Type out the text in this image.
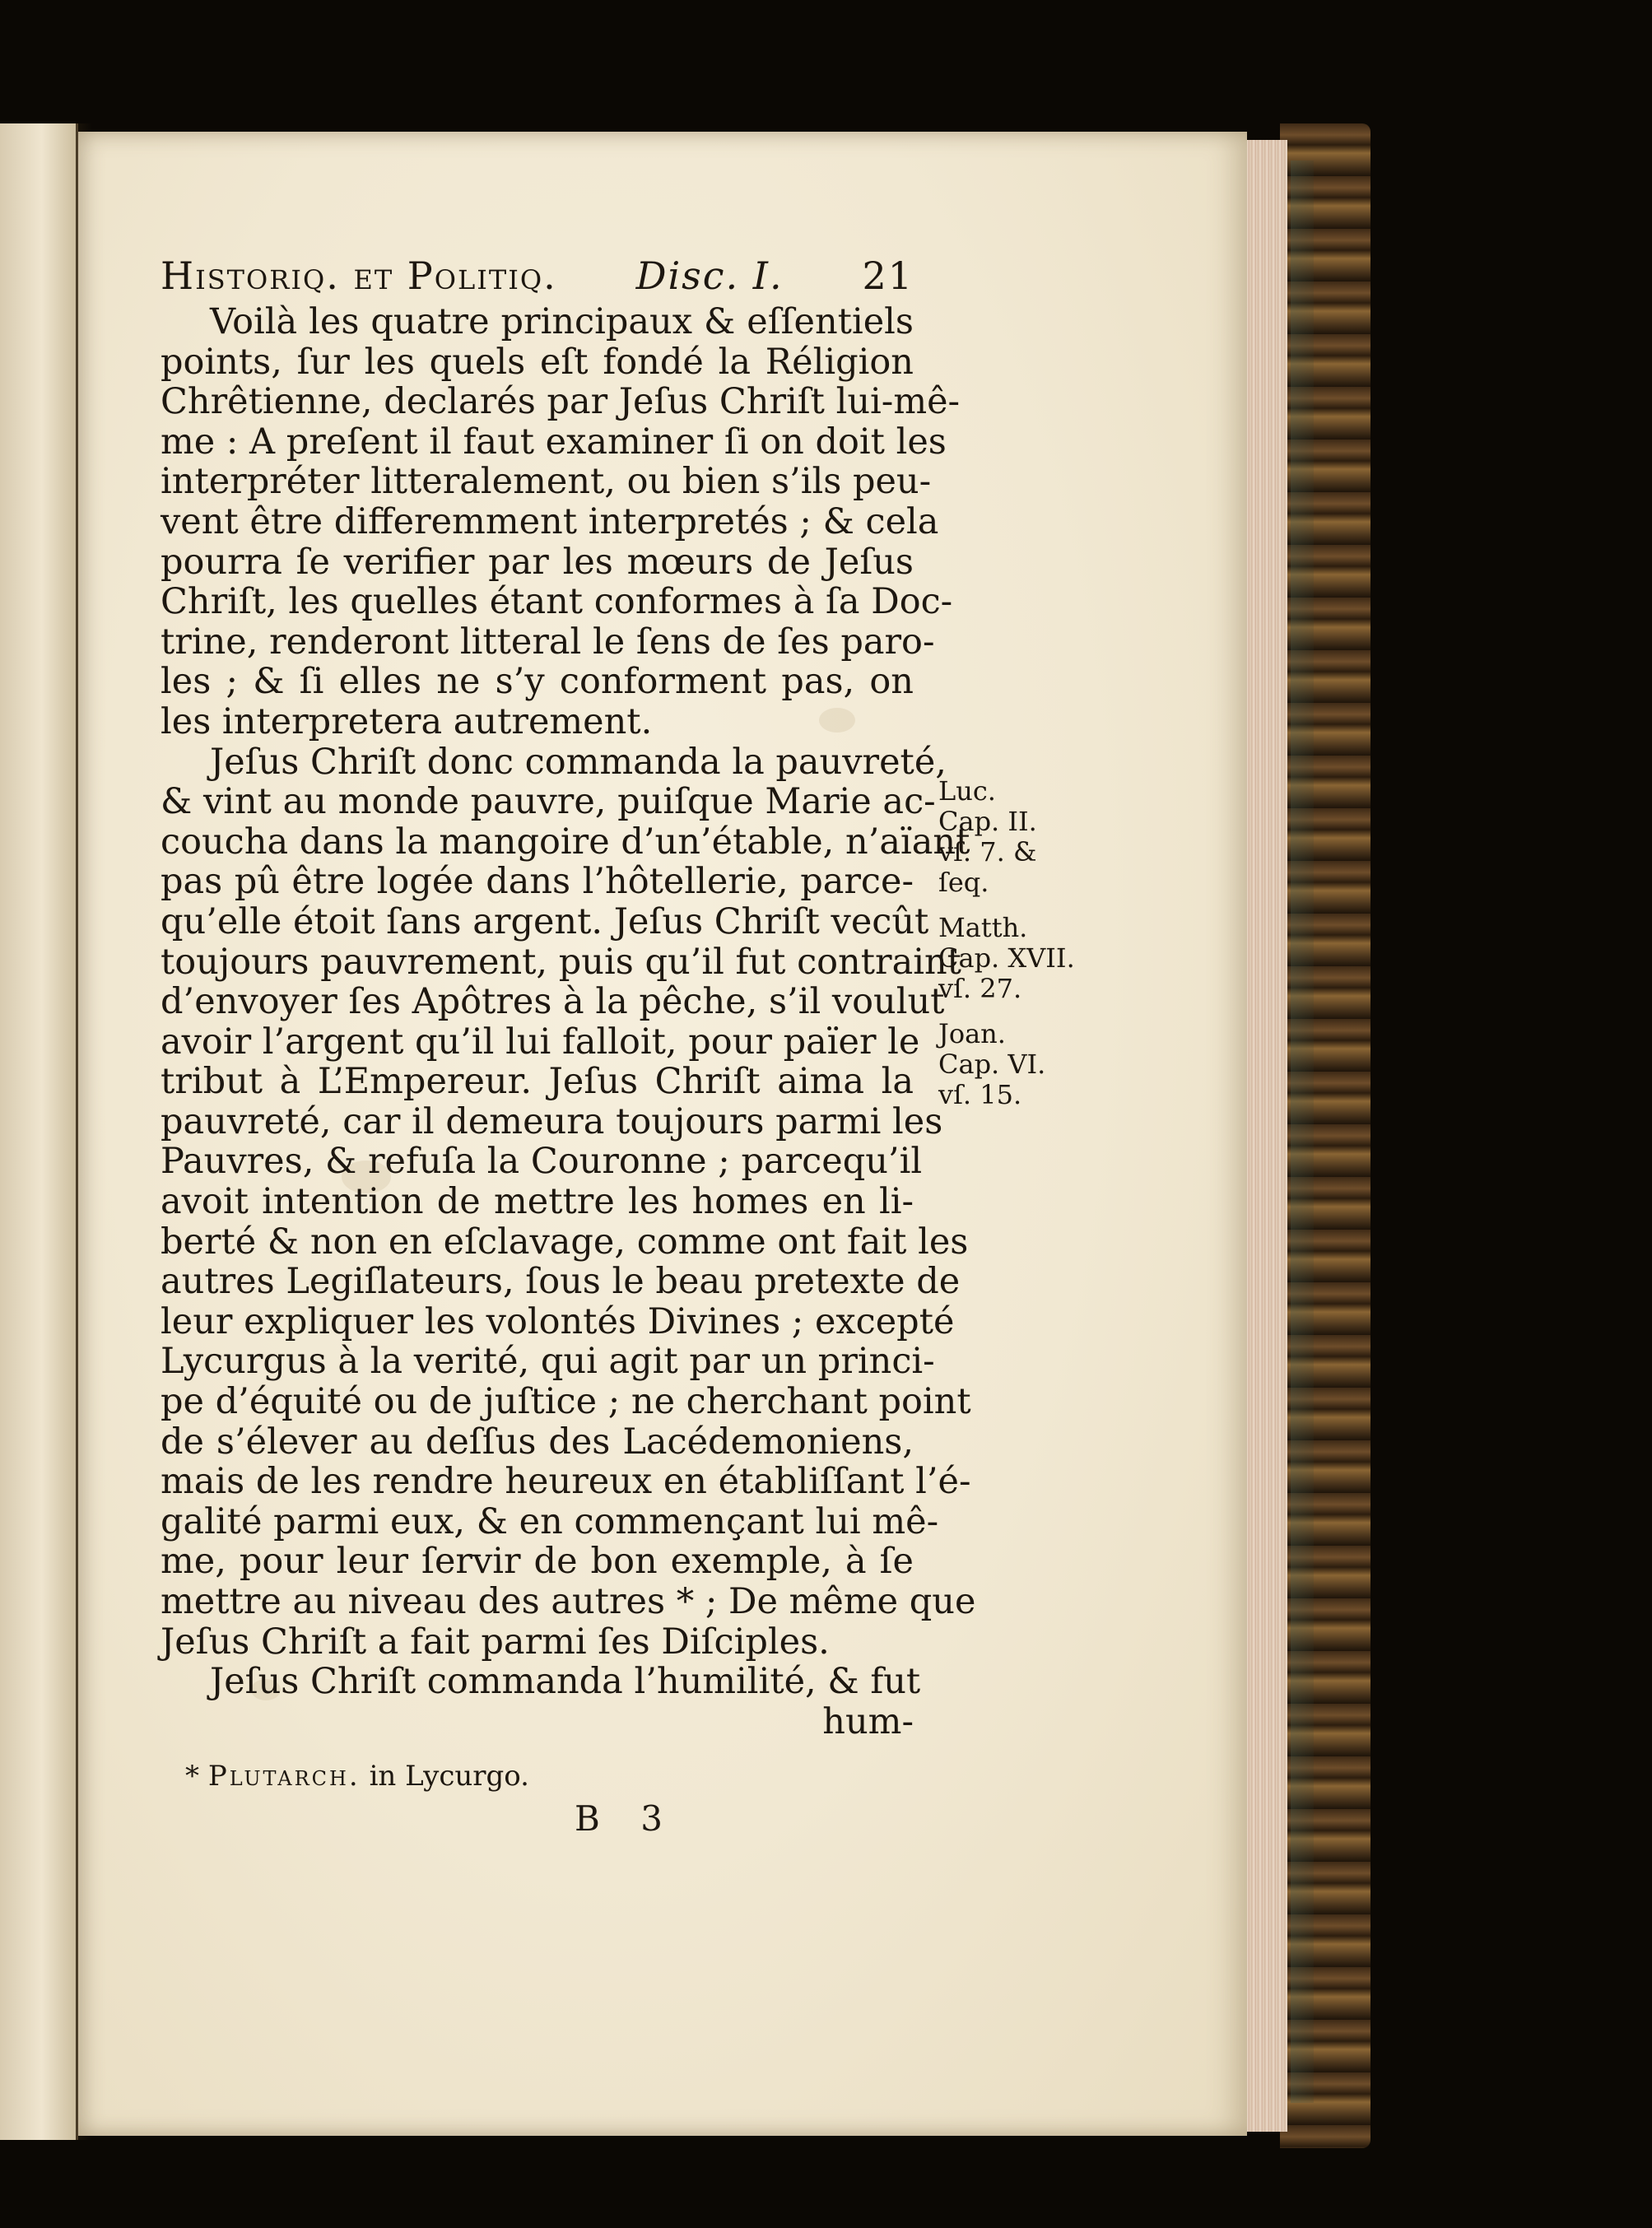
Historiq. et Politiq. Disc. I. 21
Voilà les quatre principaux & eſſentiels
points, ſur les quels eſt fondé la Réligion
Chrêtienne, declarés par Jeſus Chriſt lui-mê-
me : A preſent il faut examiner ſi on doit les
interpréter litteralement, ou bien s’ils peu-
vent être differemment interpretés ; & cela
pourra ſe verifier par les mœurs de Jeſus
Chriſt, les quelles étant conformes à ſa Doc-
trine, renderont litteral le ſens de ſes paro-
les ; & ſi elles ne s’y conforment pas, on
les interpretera autrement.
Jeſus Chriſt donc commanda la pauvreté,
& vint au monde pauvre, puiſque Marie ac-
coucha dans la mangoire d’un’étable, n’aïant
pas pû être logée dans l’hôtellerie, parce-
qu’elle étoit ſans argent. Jeſus Chriſt vecût
toujours pauvrement, puis qu’il fut contraint
d’envoyer ſes Apôtres à la pêche, s’il voulut
avoir l’argent qu’il lui falloit, pour païer le
tribut à L’Empereur. Jeſus Chriſt aima la
pauvreté, car il demeura toujours parmi les
Pauvres, & refuſa la Couronne ; parcequ’il
avoit intention de mettre les homes en li-
berté & non en eſclavage, comme ont fait les
autres Legiſlateurs, ſous le beau pretexte de
leur expliquer les volontés Divines ; excepté
Lycurgus à la verité, qui agit par un princi-
pe d’équité ou de juſtice ; ne cherchant point
de s’élever au deſſus des Lacédemoniens,
mais de les rendre heureux en établiſſant l’é-
galité parmi eux, & en commençant lui mê-
me, pour leur ſervir de bon exemple, à ſe
mettre au niveau des autres * ; De même que
Jeſus Chriſt a fait parmi ſes Diſciples.
Jeſus Chriſt commanda l’humilité, & fut
hum-
Luc.
Cap. II.
vſ. 7. &
ſeq.
Matth.
Cap. XVII.
vſ. 27.
Joan.
Cap. VI.
vſ. 15.
* Plutarch. in Lycurgo.
B 3
